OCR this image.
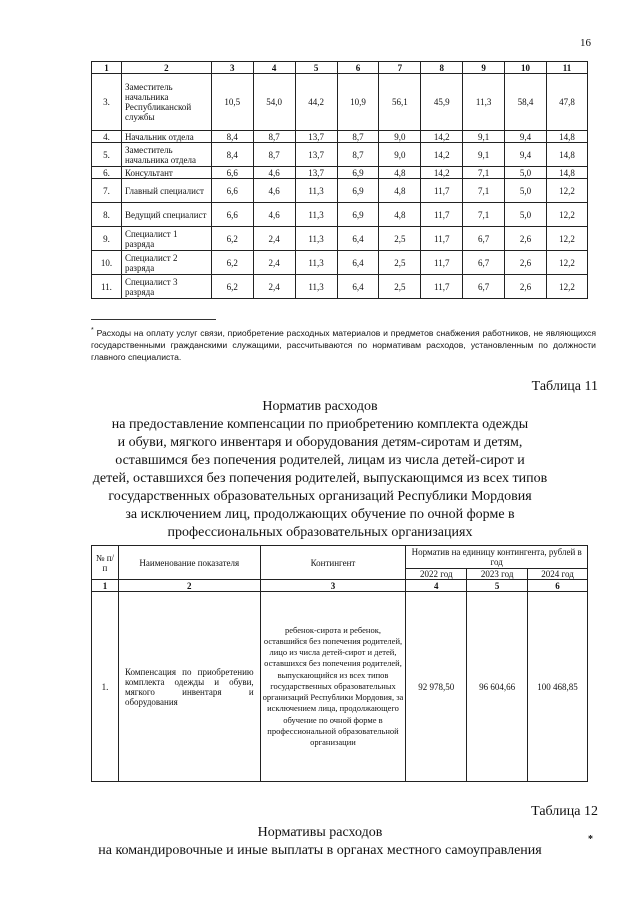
16
1	2	3	4	5	6	7	8	9	10	11
3.	Заместитель начальника Республиканской службы	10,5	54,0	44,2	10,9	56,1	45,9	11,3	58,4	47,8
4.	Начальник отдела	8,4	8,7	13,7	8,7	9,0	14,2	9,1	9,4	14,8
5.	Заместитель начальника отдела	8,4	8,7	13,7	8,7	9,0	14,2	9,1	9,4	14,8
6.	Консультант	6,6	4,6	13,7	6,9	4,8	14,2	7,1	5,0	14,8
7.	Главный специалист	6,6	4,6	11,3	6,9	4,8	11,7	7,1	5,0	12,2
8.	Ведущий специалист	6,6	4,6	11,3	6,9	4,8	11,7	7,1	5,0	12,2
9.	Специалист 1 разряда	6,2	2,4	11,3	6,4	2,5	11,7	6,7	2,6	12,2
10.	Специалист 2 разряда	6,2	2,4	11,3	6,4	2,5	11,7	6,7	2,6	12,2
11.	Специалист 3 разряда	6,2	2,4	11,3	6,4	2,5	11,7	6,7	2,6	12,2
* Расходы на оплату услуг связи, приобретение расходных материалов и предметов снабжения работников, не являющихся государственными гражданскими служащими, рассчитываются по нормативам расходов, установленным по должности главного специалиста.
Таблица 11
Норматив расходов
на предоставление компенсации по приобретению комплекта одежды
и обуви, мягкого инвентаря и оборудования детям-сиротам и детям,
оставшимся без попечения родителей, лицам из числа детей-сирот и
детей, оставшихся без попечения родителей, выпускающимся из всех типов
государственных образовательных организаций Республики Мордовия
за исключением лиц, продолжающих обучение по очной форме в
профессиональных образовательных организациях
№ п/п	Наименование показателя	Контингент	Норматив на единицу контингента, рублей в год		
			2022 год	2023 год	2024 год
1	2	3	4	5	6
1.	Компенсация по приобретению комплекта одежды и обуви, мягкого инвентаря и оборудования	ребенок-сирота и ребенок, оставшийся без попечения родителей, лицо из числа детей-сирот и детей, оставшихся без попечения родителей, выпускающийся из всех типов государственных образовательных организаций Республики Мордовия, за исключением лица, продолжающего обучение по очной форме в профессиональной образовательной организации	92 978,50	96 604,66	100 468,85
Таблица 12
Нормативы расходов
на командировочные и иные выплаты в органах местного самоуправления
*
